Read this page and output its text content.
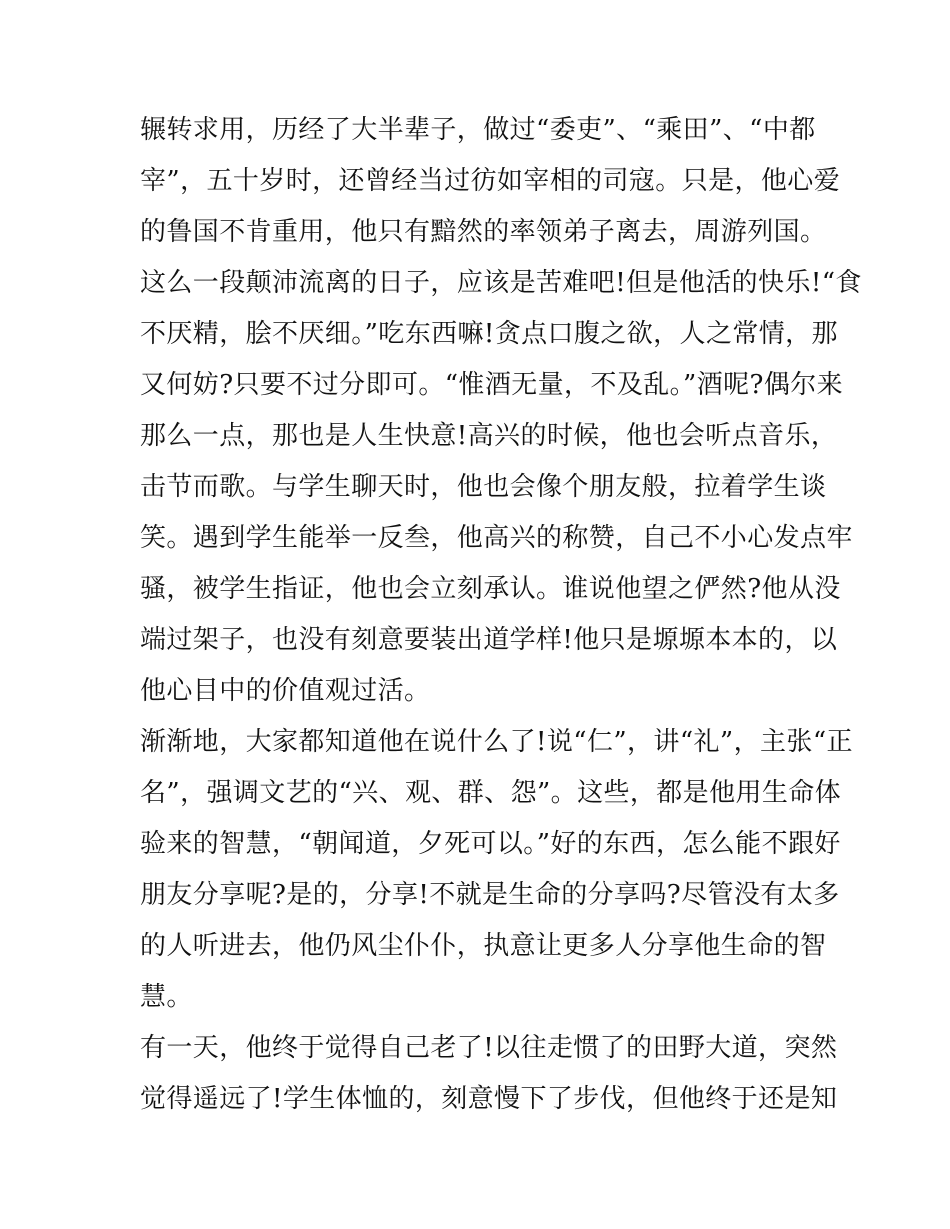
辗转求用，历经了大半辈子，做过“委吏”、“乘田”、“中都
宰”，五十岁时，还曾经当过彷如宰相的司寇。只是，他心爱
的鲁国不肯重用，他只有黯然的率领弟子离去，周游列国。
这么一段颠沛流离的日子，应该是苦难吧!但是他活的快乐!“食
不厌精，脍不厌细。”吃东西嘛!贪点口腹之欲，人之常情，那
又何妨?只要不过分即可。“惟酒无量，不及乱。”酒呢?偶尔来
那么一点，那也是人生快意!高兴的时候，他也会听点音乐，
击节而歌。与学生聊天时，他也会像个朋友般，拉着学生谈
笑。遇到学生能举一反叁，他高兴的称赞，自己不小心发点牢
骚，被学生指证，他也会立刻承认。谁说他望之俨然?他从没
端过架子，也没有刻意要装出道学样!他只是塬塬本本的，以
他心目中的价值观过活。
渐渐地，大家都知道他在说什么了!说“仁”，讲“礼”，主张“正
名”，强调文艺的“兴、观、群、怨”。这些，都是他用生命体
验来的智慧，“朝闻道，夕死可以。”好的东西，怎么能不跟好
朋友分享呢?是的，分享!不就是生命的分享吗?尽管没有太多
的人听进去，他仍风尘仆仆，执意让更多人分享他生命的智
慧。
有一天，他终于觉得自己老了!以往走惯了的田野大道，突然
觉得遥远了!学生体恤的，刻意慢下了步伐，但他终于还是知
